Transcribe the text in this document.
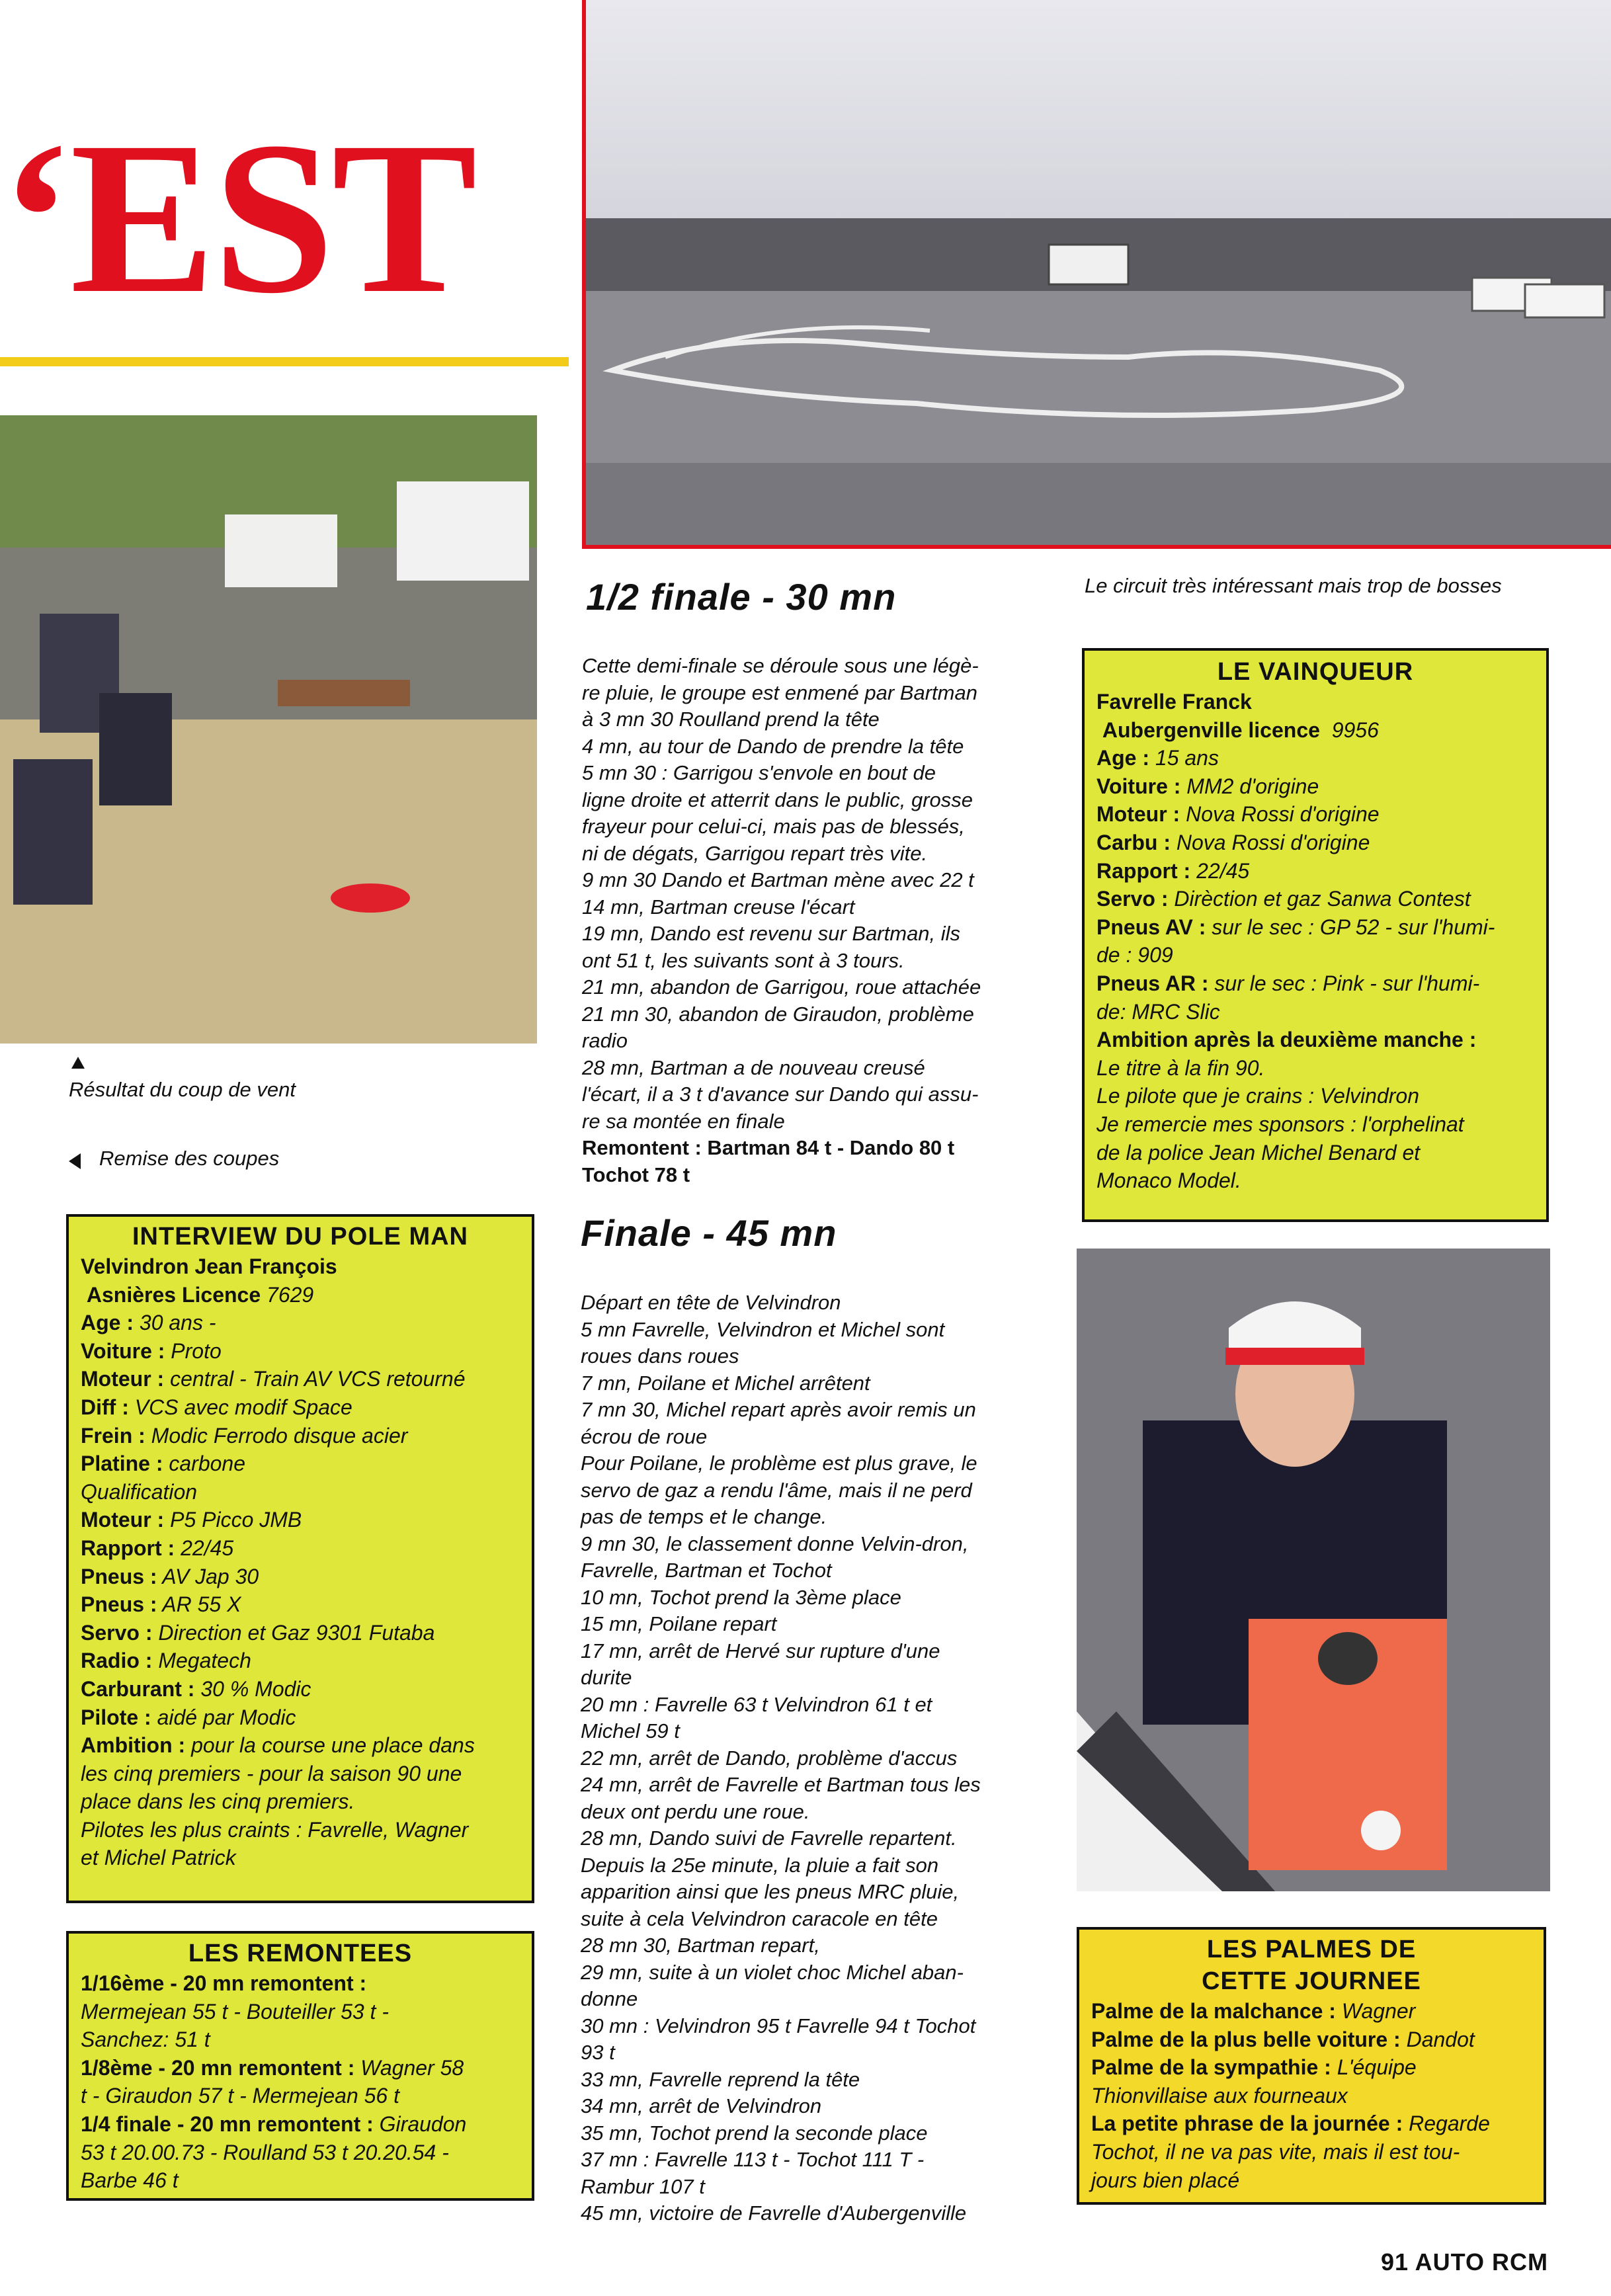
‘EST
Le circuit très intéressant mais trop de bosses
Résultat du coup de vent
Remise des coupes
1/2 finale - 30 mn

Cette demi-finale se déroule sous une légè-

re pluie, le groupe est enmené par Bartman

à 3 mn 30 Roulland prend la tête

4 mn, au tour de Dando de prendre la tête

5 mn 30 : Garrigou s'envole en bout de

ligne droite et atterrit dans le public, grosse

frayeur pour celui-ci, mais pas de blessés,

ni de dégats, Garrigou repart très vite.

9 mn 30 Dando et Bartman mène avec 22 t

14 mn, Bartman creuse l'écart

19 mn, Dando est revenu sur Bartman, ils

ont 51 t, les suivants sont à 3 tours.

21 mn, abandon de Garrigou, roue attachée

21 mn 30, abandon de Giraudon, problème

radio

28 mn, Bartman a de nouveau creusé

l'écart, il a 3 t d'avance sur Dando qui assu-

re sa montée en finale

Remontent : Bartman 84 t - Dando 80 t

Tochot 78 t

Finale - 45 mn

Départ en tête de Velvindron

5 mn Favrelle, Velvindron et Michel sont

roues dans roues

7 mn, Poilane et Michel arrêtent

7 mn 30, Michel repart après avoir remis un

écrou de roue

Pour Poilane, le problème est plus grave, le

servo de gaz a rendu l'âme, mais il ne perd

pas de temps et le change.

9 mn 30, le classement donne Velvin-dron,

Favrelle, Bartman et Tochot

10 mn, Tochot prend la 3ème place

15 mn, Poilane repart

17 mn, arrêt de Hervé sur rupture d'une

durite

20 mn : Favrelle 63 t Velvindron 61 t et

Michel 59 t

22 mn, arrêt de Dando, problème d'accus

24 mn, arrêt de Favrelle et Bartman tous les

deux ont perdu une roue.

28 mn, Dando suivi de Favrelle repartent.

Depuis la 25e minute, la pluie a fait son

apparition ainsi que les pneus MRC pluie,

suite à cela Velvindron caracole en tête

28 mn 30, Bartman repart,

29 mn, suite à un violet choc Michel aban-

donne

30 mn : Velvindron 95 t Favrelle 94 t Tochot

93 t

33 mn, Favrelle reprend la tête

34 mn, arrêt de Velvindron

35 mn, Tochot prend la seconde place

37 mn : Favrelle 113 t - Tochot 111 T -

Rambur 107 t

45 mn, victoire de Favrelle d'Aubergenville

LE VAINQUEUR

Favrelle Franck

Aubergenville licence 9956

Age : 15 ans

Voiture : MM2 d'origine

Moteur : Nova Rossi d'origine

Carbu : Nova Rossi d'origine

Rapport : 22/45

Servo : Dirèction et gaz Sanwa Contest

Pneus AV : sur le sec : GP 52 - sur l'humi-

de : 909

Pneus AR : sur le sec : Pink - sur l'humi-

de: MRC Slic

Ambition après la deuxième manche :

Le titre à la fin 90.

Le pilote que je crains : Velvindron

Je remercie mes sponsors : l'orphelinat

de la police Jean Michel Benard et

Monaco Model.

INTERVIEW DU POLE MAN

Velvindron Jean François

Asnières Licence 7629

Age : 30 ans -

Voiture : Proto

Moteur : central - Train AV VCS retourné

Diff : VCS avec modif Space

Frein : Modic Ferrodo disque acier

Platine : carbone

Qualification

Moteur : P5 Picco JMB

Rapport : 22/45

Pneus : AV Jap 30

Pneus : AR 55 X

Servo : Direction et Gaz 9301 Futaba

Radio : Megatech

Carburant : 30 % Modic

Pilote : aidé par Modic

Ambition : pour la course une place dans

les cinq premiers - pour la saison 90 une

place dans les cinq premiers.

Pilotes les plus craints : Favrelle, Wagner

et Michel Patrick

LES REMONTEES

1/16ème - 20 mn remontent :

Mermejean 55 t - Bouteiller 53 t -

Sanchez: 51 t

1/8ème - 20 mn remontent : Wagner 58

t - Giraudon 57 t - Mermejean 56 t

1/4 finale - 20 mn remontent : Giraudon

53 t 20.00.73 - Roulland 53 t 20.20.54 -

Barbe 46 t

LES PALMES DE
CETTE JOURNEE

Palme de la malchance : Wagner

Palme de la plus belle voiture : Dandot

Palme de la sympathie : L'équipe

Thionvillaise aux fourneaux

La petite phrase de la journée : Regarde

Tochot, il ne va pas vite, mais il est tou-

jours bien placé

91 AUTO RCM
